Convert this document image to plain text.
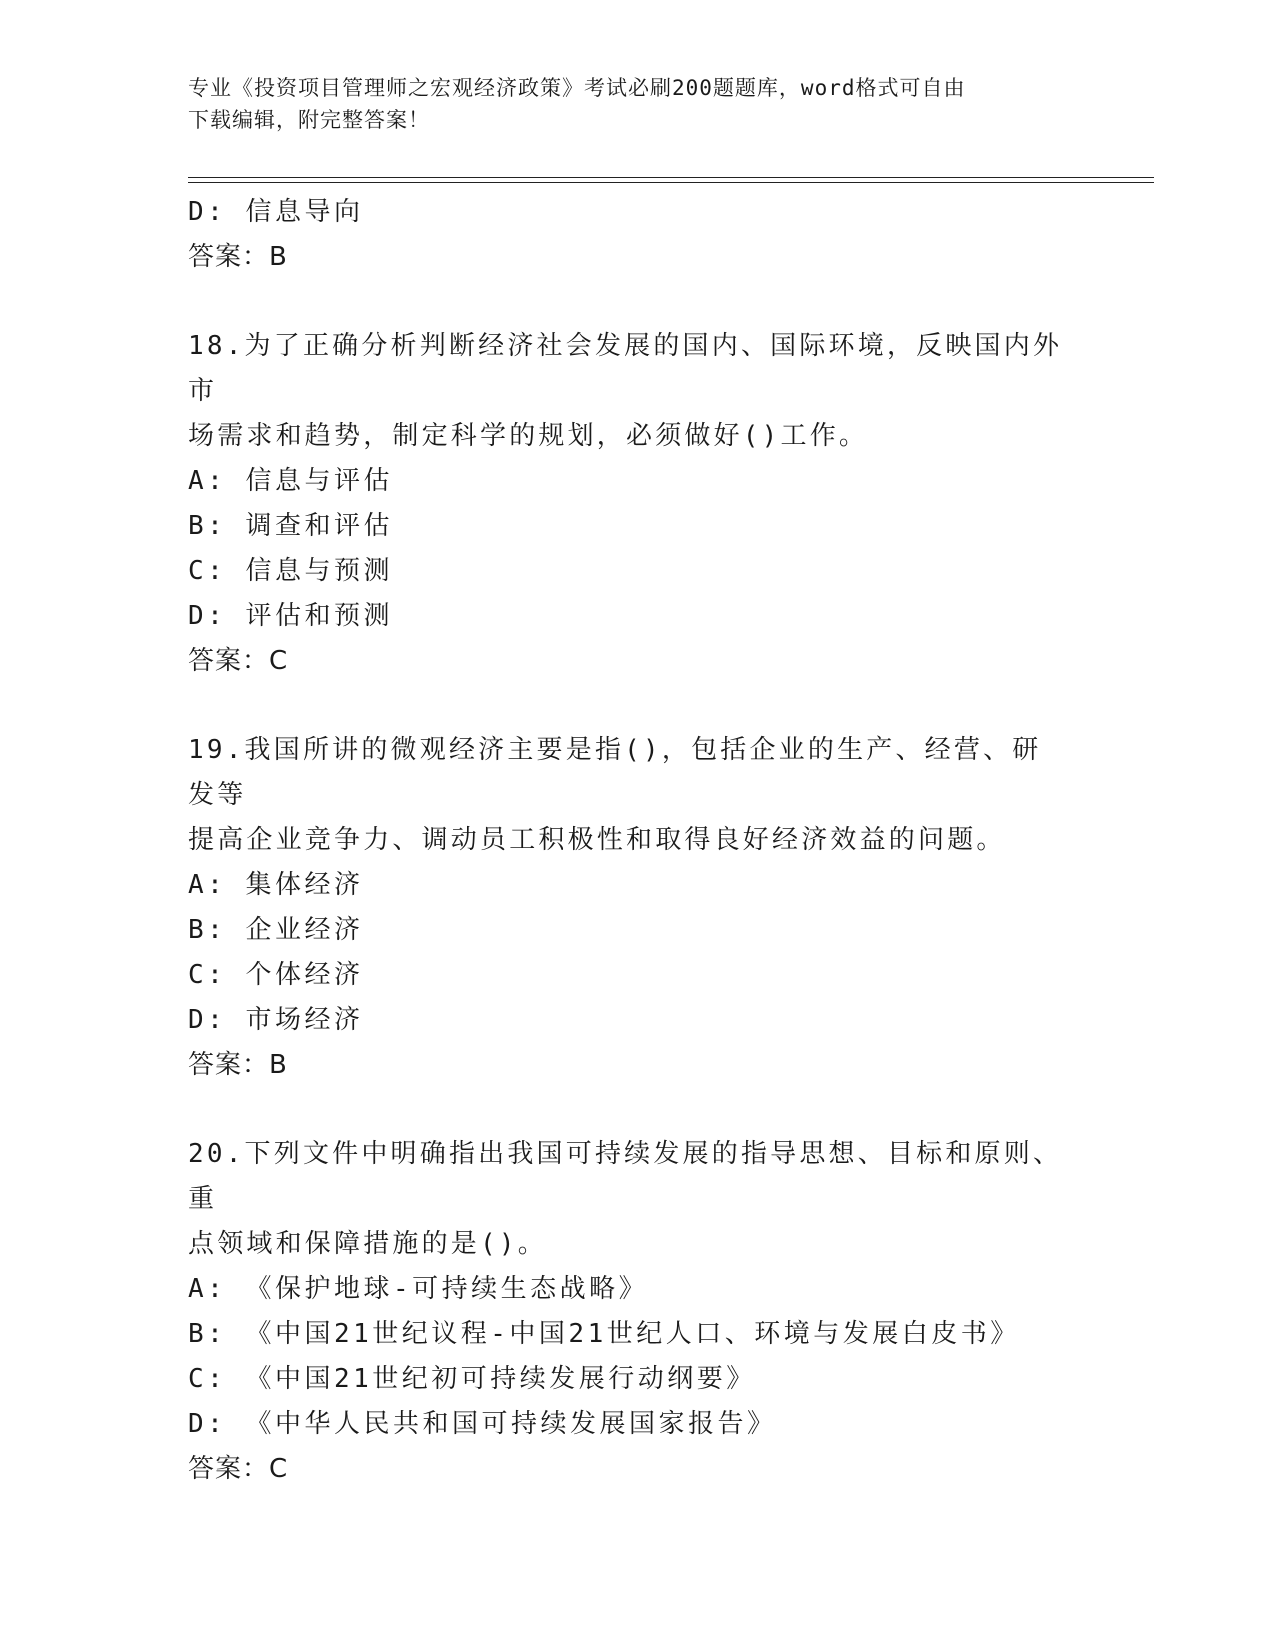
专业《投资项目管理师之宏观经济政策》考试必刷200题题库，word格式可自由
下载编辑，附完整答案！
D: 信息导向
答案：B
18.为了正确分析判断经济社会发展的国内、国际环境，反映国内外市
场需求和趋势，制定科学的规划，必须做好()工作。
A: 信息与评估
B: 调查和评估
C: 信息与预测
D: 评估和预测
答案：C
19.我国所讲的微观经济主要是指()，包括企业的生产、经营、研发等
提高企业竞争力、调动员工积极性和取得良好经济效益的问题。
A: 集体经济
B: 企业经济
C: 个体经济
D: 市场经济
答案：B
20.下列文件中明确指出我国可持续发展的指导思想、目标和原则、重
点领域和保障措施的是()。
A: 《保护地球-可持续生态战略》
B: 《中国21世纪议程-中国21世纪人口、环境与发展白皮书》
C: 《中国21世纪初可持续发展行动纲要》
D: 《中华人民共和国可持续发展国家报告》
答案：C
